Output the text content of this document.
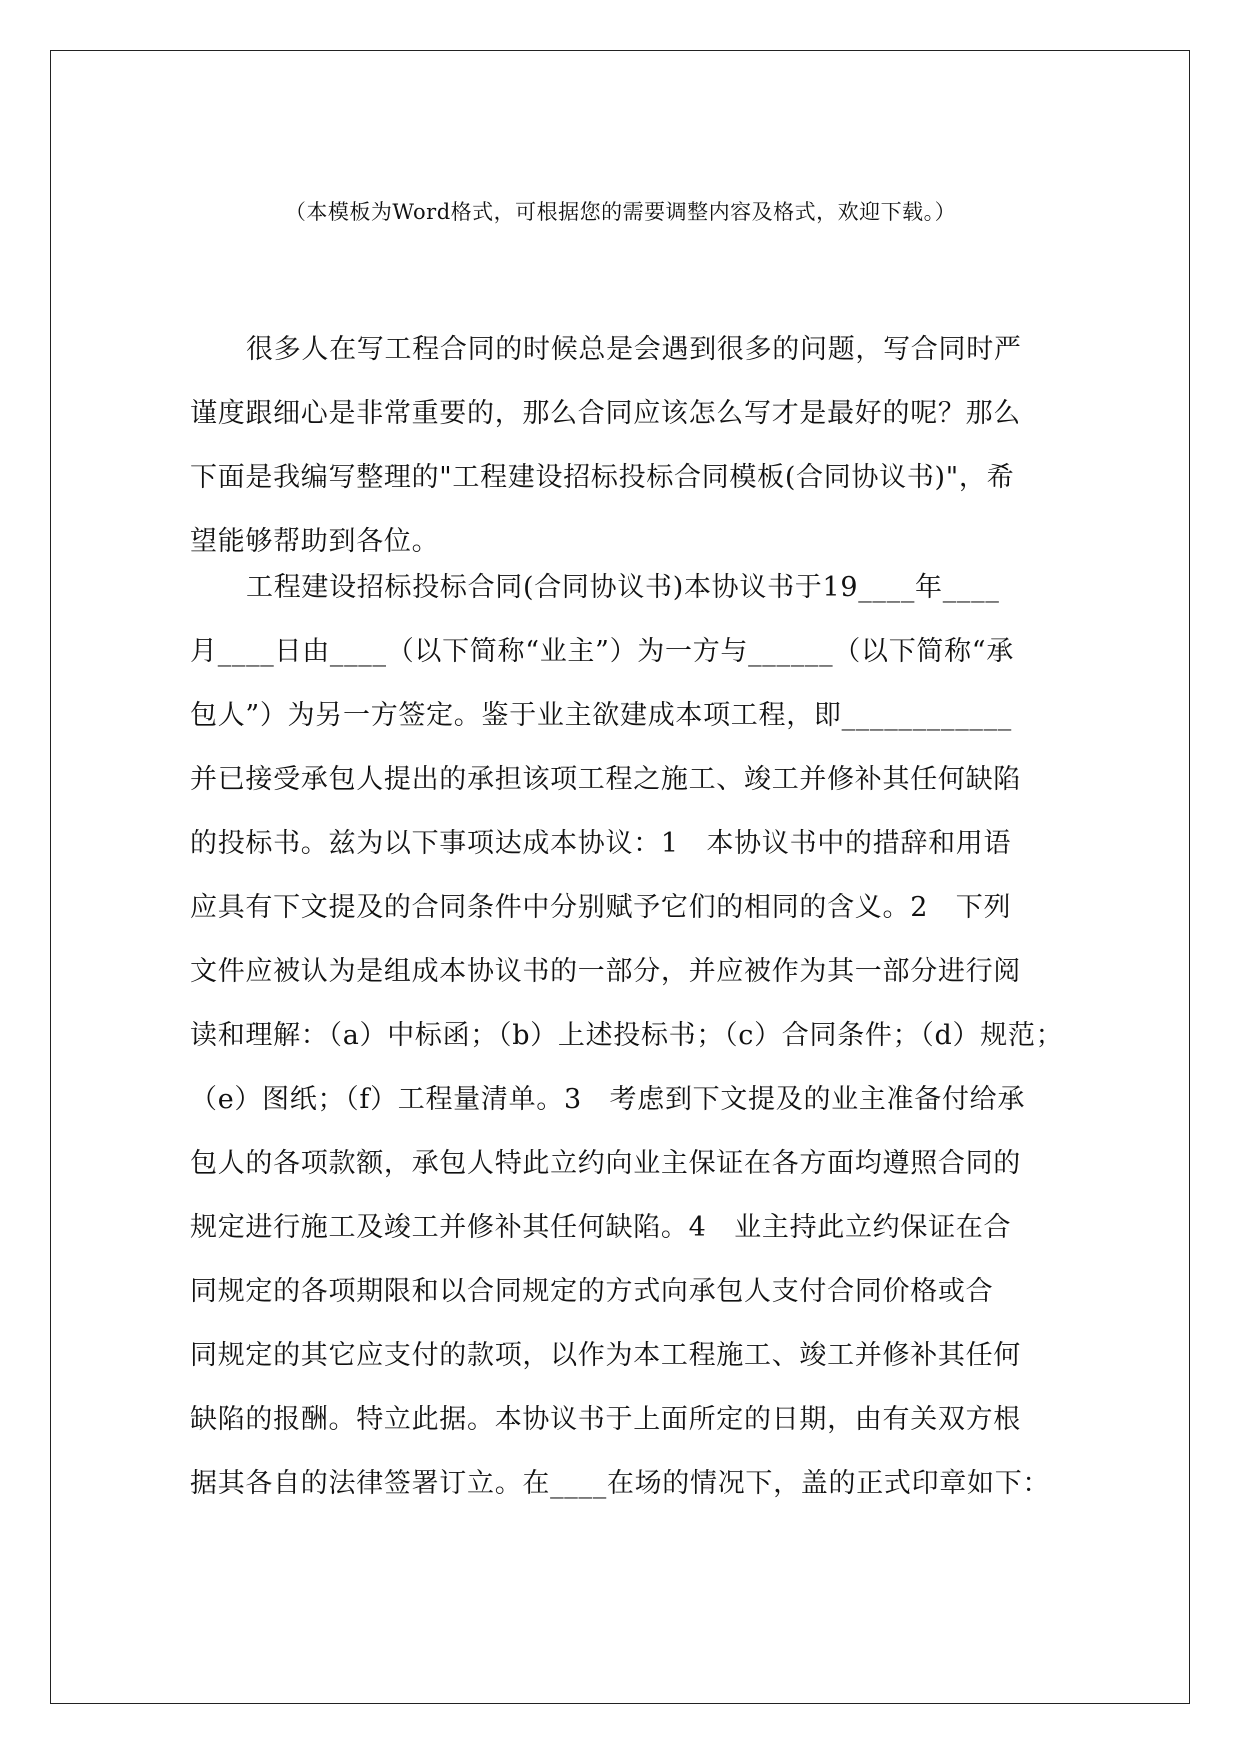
（本模板为Word格式，可根据您的需要调整内容及格式，欢迎下载。）
很多人在写工程合同的时候总是会遇到很多的问题，写合同时严
谨度跟细心是非常重要的，那么合同应该怎么写才是最好的呢？那么
下面是我编写整理的"工程建设招标投标合同模板(合同协议书)"，希
望能够帮助到各位。
工程建设招标投标合同(合同协议书)本协议书于19____年____
月____日由____（以下简称“业主”）为一方与______（以下简称“承
包人”）为另一方签定。鉴于业主欲建成本项工程，即____________
并已接受承包人提出的承担该项工程之施工、竣工并修补其任何缺陷
的投标书。兹为以下事项达成本协议：1　本协议书中的措辞和用语
应具有下文提及的合同条件中分别赋予它们的相同的含义。2　下列
文件应被认为是组成本协议书的一部分，并应被作为其一部分进行阅
读和理解：（a）中标函；（b）上述投标书；（c）合同条件；（d）规范；
（e）图纸；（f）工程量清单。3　考虑到下文提及的业主准备付给承
包人的各项款额，承包人特此立约向业主保证在各方面均遵照合同的
规定进行施工及竣工并修补其任何缺陷。4　业主持此立约保证在合
同规定的各项期限和以合同规定的方式向承包人支付合同价格或合
同规定的其它应支付的款项，以作为本工程施工、竣工并修补其任何
缺陷的报酬。特立此据。本协议书于上面所定的日期，由有关双方根
据其各自的法律签署订立。在____在场的情况下，盖的正式印章如下：
